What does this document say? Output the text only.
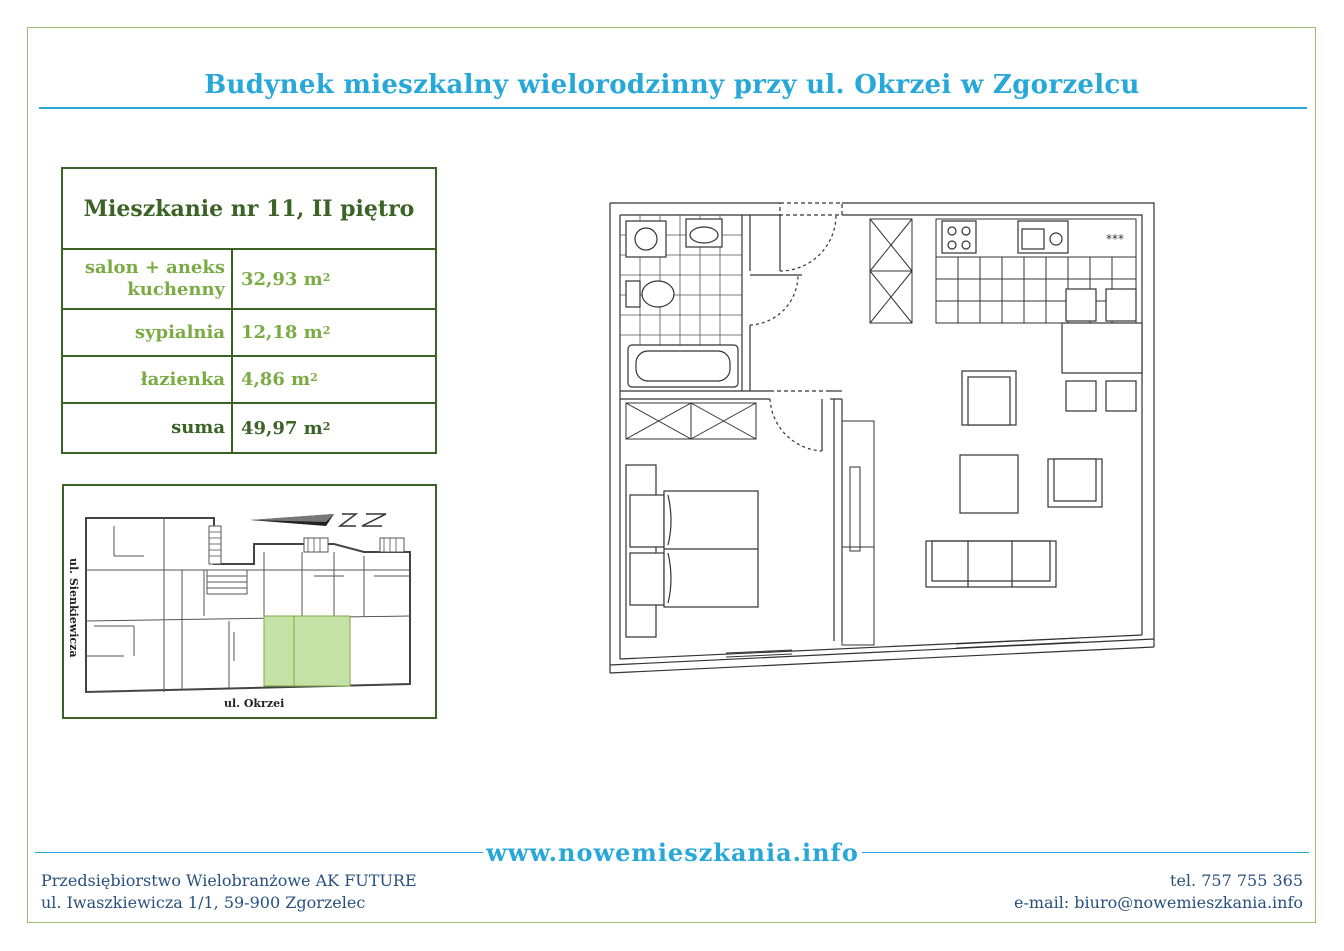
Budynek mieszkalny wielorodzinny przy ul. Okrzei w Zgorzelcu
Mieszkanie nr 11, II piętro
salon + aneks kuchenny 32,93 $m^2$
sypialnia 12,18 $m^2$
łazienka 4,86 $m^2$
suma 49,97 $m^2$
ul. Sienkiewicza
ul. Okrzei
***
www.nowemieszkania.info
Przedsiębiorstwo Wielobranżowe AK FUTURE
ul. Iwaszkiewicza 1/1, 59-900 Zgorzelec
tel. 757 755 365
e-mail: biuro@nowemieszkania.info
